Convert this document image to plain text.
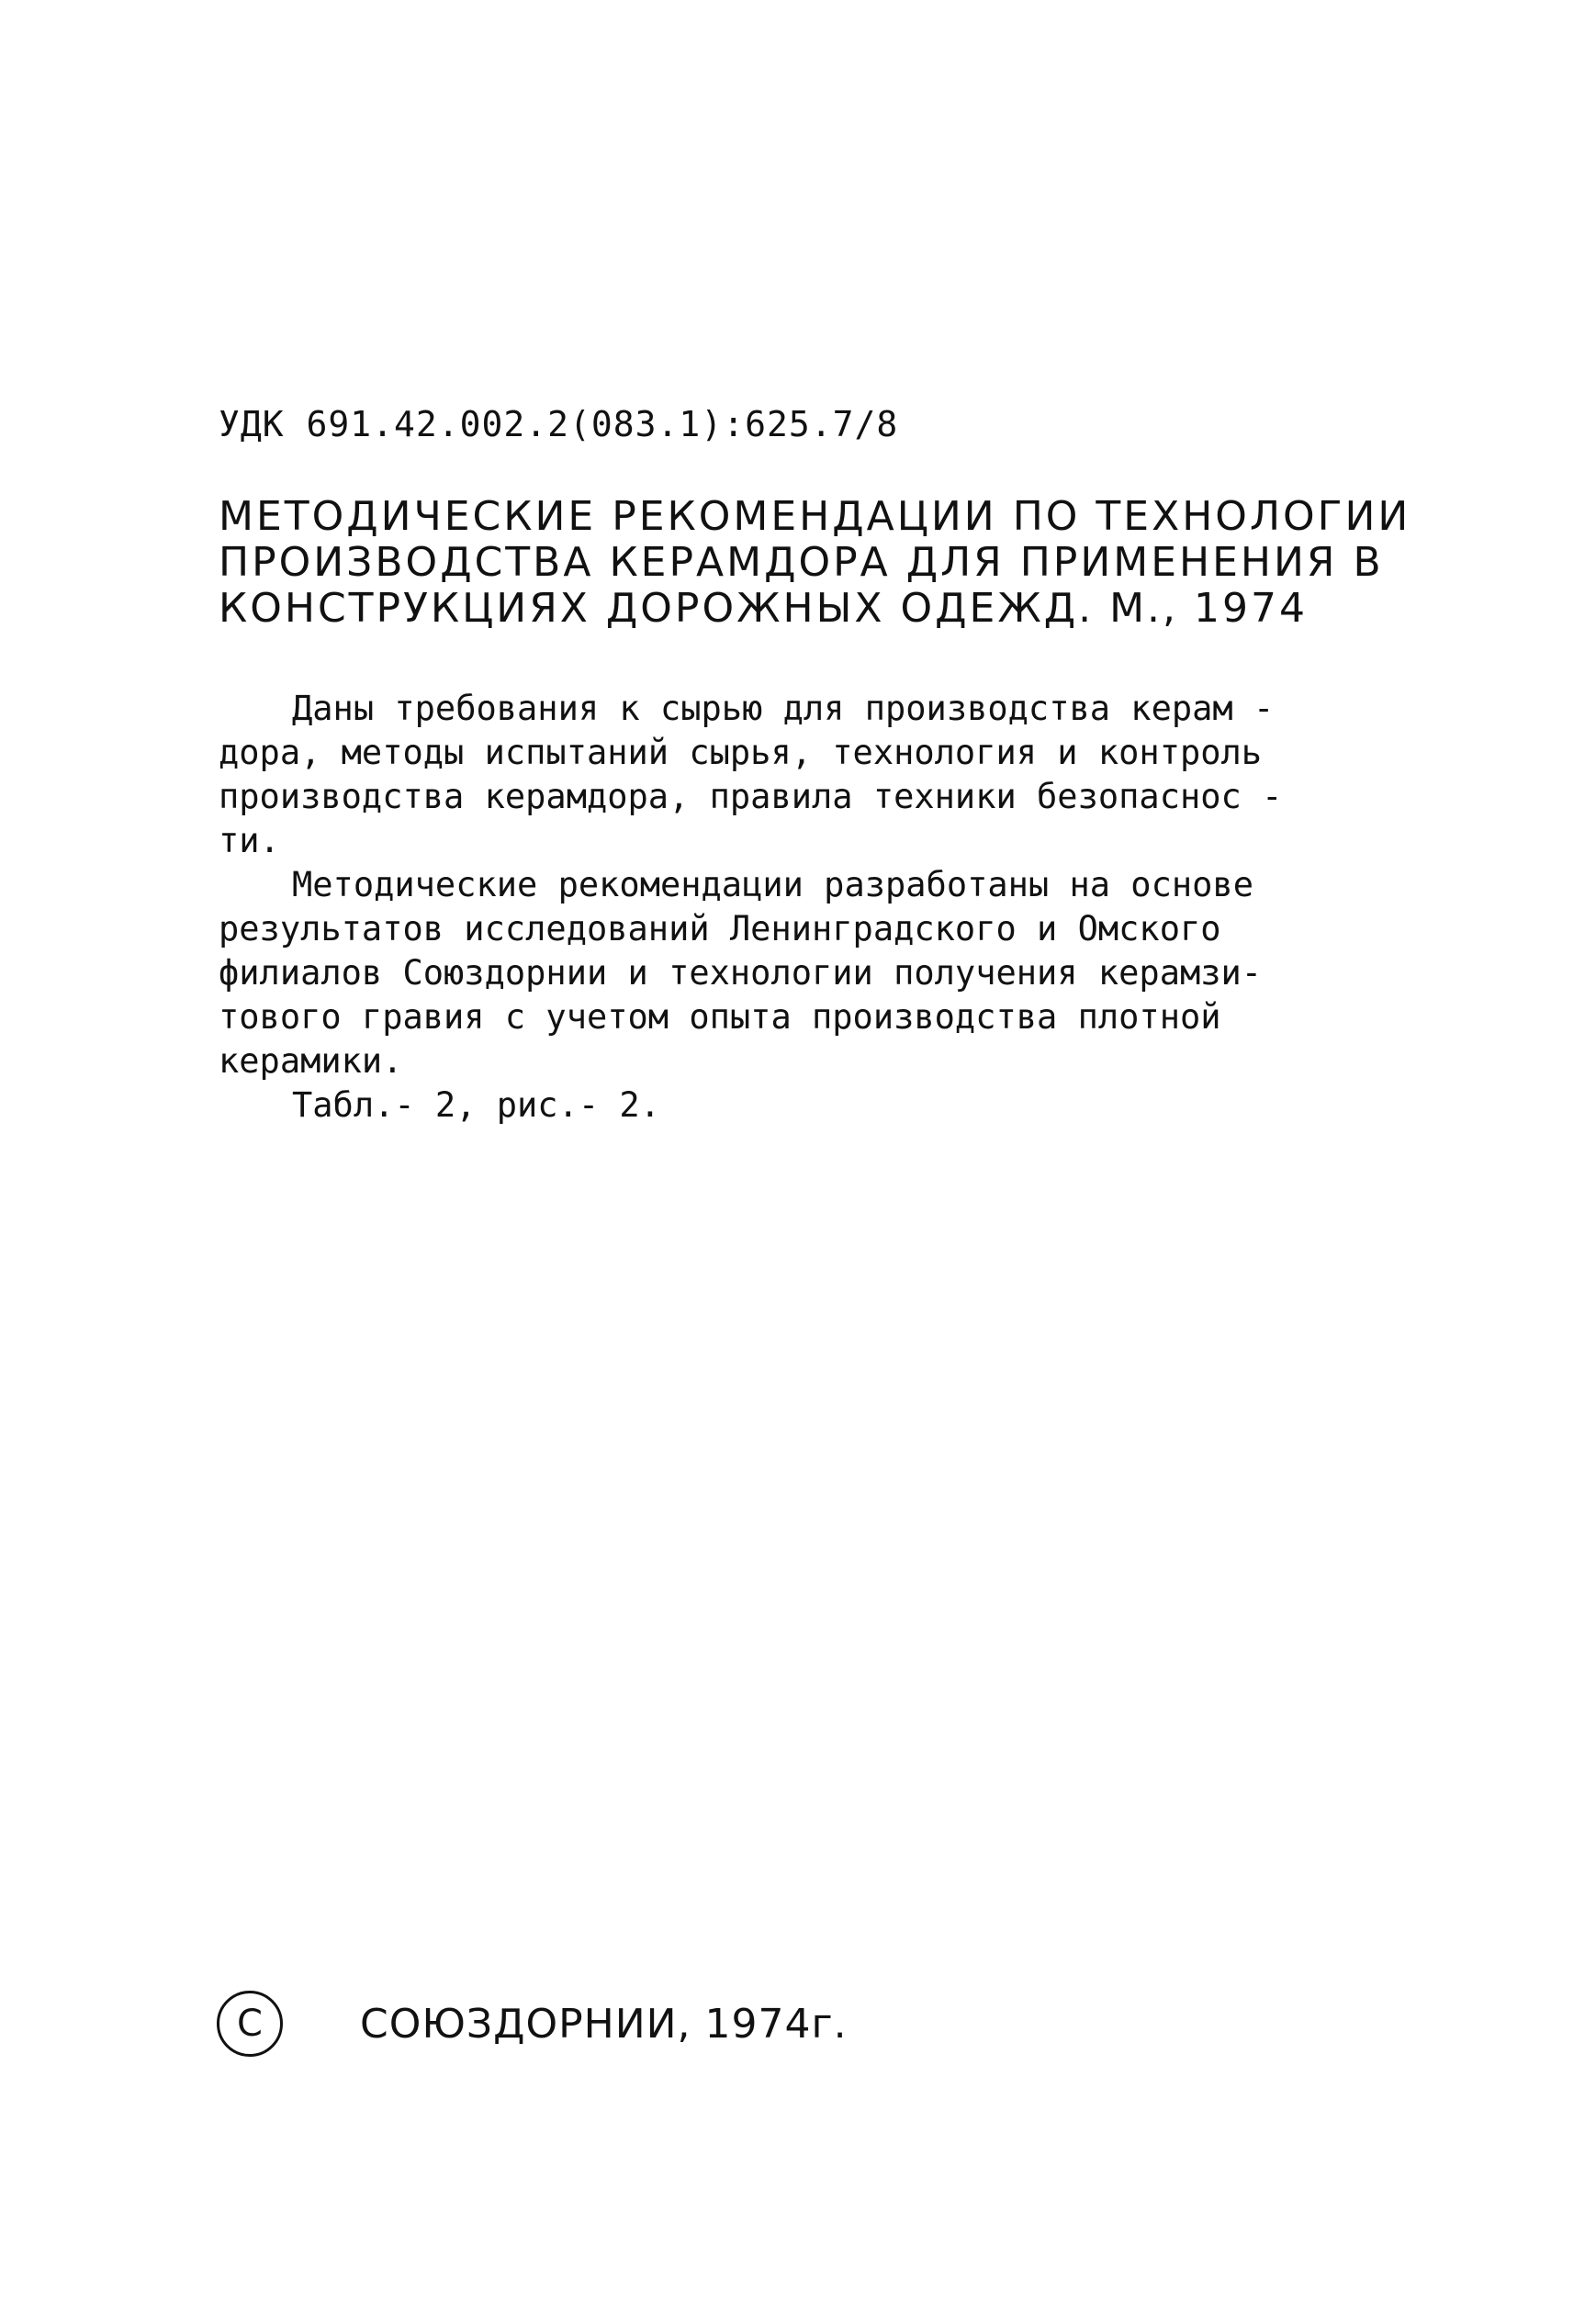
УДК 691.42.002.2(083.1):625.7/8
МЕТОДИЧЕСКИЕ РЕКОМЕНДАЦИИ ПО ТЕХНОЛОГИИ
ПРОИЗВОДСТВА КЕРАМДОРА ДЛЯ ПРИМЕНЕНИЯ В
КОНСТРУКЦИЯХ ДОРОЖНЫХ ОДЕЖД. М., 1974
Даны требования к сырью для производства керам -
дора, методы испытаний сырья, технология и контроль
производства керамдора, правила техники безопаснос -
ти.
Методические рекомендации разработаны на основе
результатов исследований Ленинградского и Омского
филиалов Союздорнии и технологии получения керамзи-
тового гравия с учетом опыта производства плотной
керамики.
Табл.- 2, рис.- 2.
C СОЮЗДОРНИИ, 1974г.
